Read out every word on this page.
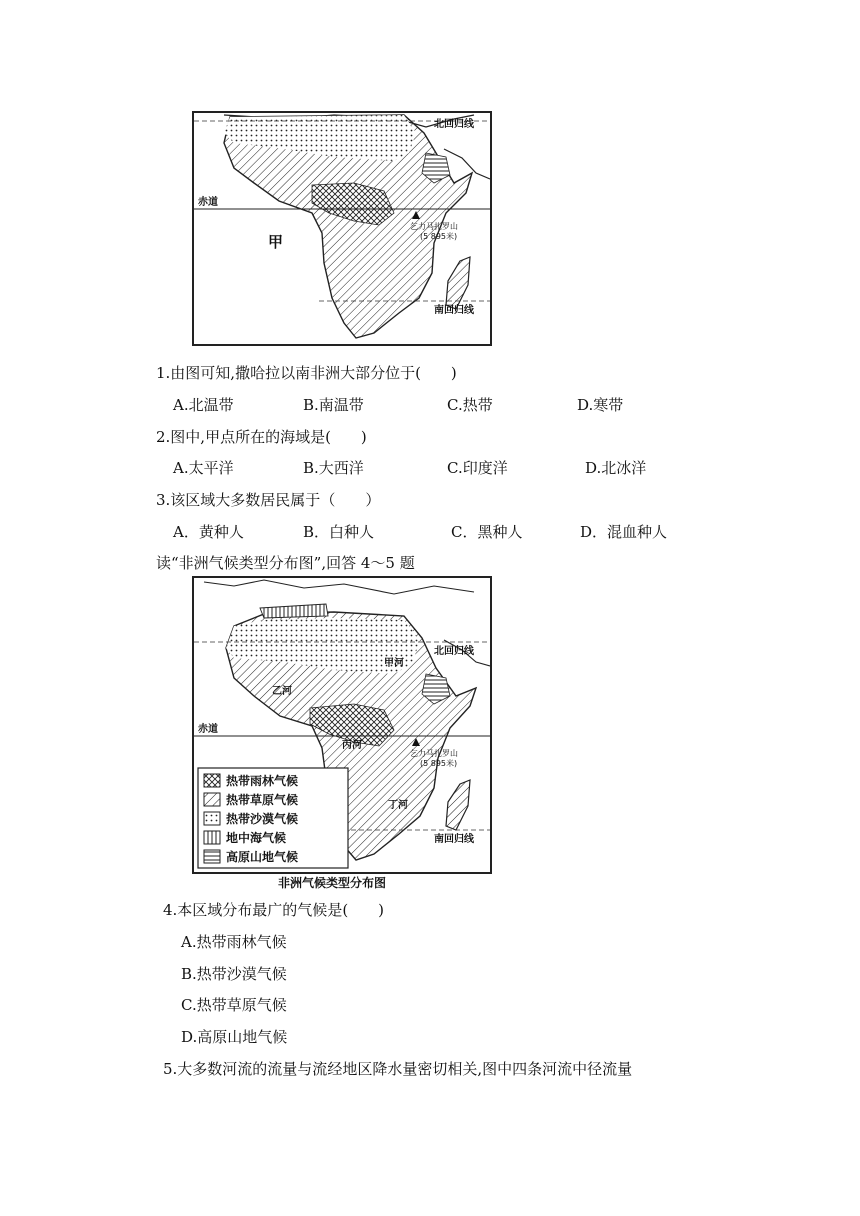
北回归线
赤道
甲
乞力马扎罗山
(5 895米)
南回归线
1.由图可知,撒哈拉以南非洲大部分位于(　　)
A.北温带	B.南温带	C.热带	D.寒带
2.图中,甲点所在的海域是(　　)
A.太平洋	B.大西洋	C.印度洋	D.北冰洋
3.该区域大多数居民属于（　　）
A．黄种人	B．白种人	C．黑种人	D．混血种人
读“非洲气候类型分布图”,回答 4～5 题
北回归线
赤道
乞力马扎罗山
(5 895米)
南回归线
甲河
乙河
丙河
丁河
热带雨林气候
热带草原气候
热带沙漠气候
地中海气候
高原山地气候
非洲气候类型分布图
4.本区域分布最广的气候是(　　)
A.热带雨林气候
B.热带沙漠气候
C.热带草原气候
D.高原山地气候
5.大多数河流的流量与流经地区降水量密切相关,图中四条河流中径流量
